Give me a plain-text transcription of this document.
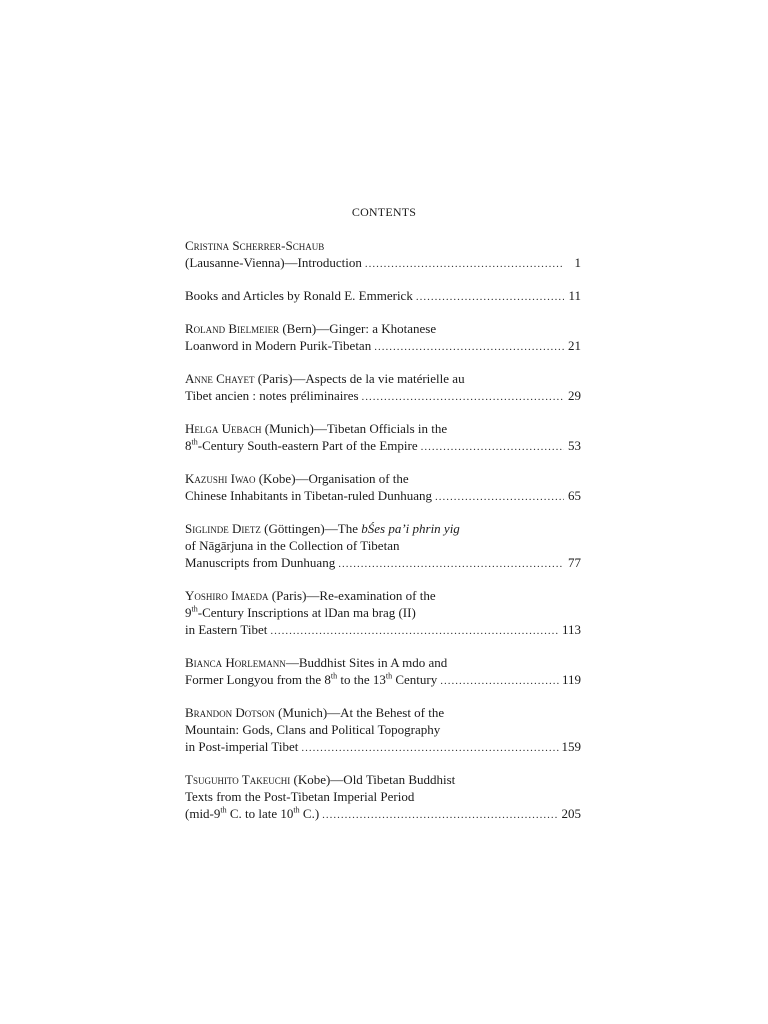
CONTENTS
Cristina Scherrer-Schaub
(Lausanne-Vienna)—Introduction .....	1
Books and Articles by Ronald E. Emmerick .....	11
Roland Bielmeier (Bern)—Ginger: a Khotanese
Loanword in Modern Purik-Tibetan .....	21
Anne Chayet (Paris)—Aspects de la vie matérielle au
Tibet ancien : notes préliminaires .....	29
Helga Uebach (Munich)—Tibetan Officials in the
8th-Century South-eastern Part of the Empire .....	53
Kazushi Iwao (Kobe)—Organisation of the
Chinese Inhabitants in Tibetan-ruled Dunhuang .....	65
Siglinde Dietz (Göttingen)—The bŚes pa’i phrin yig
of Nāgārjuna in the Collection of Tibetan
Manuscripts from Dunhuang .....	77
Yoshiro Imaeda (Paris)—Re-examination of the
9th-Century Inscriptions at lDan ma brag (II)
in Eastern Tibet .....	113
Bianca Horlemann—Buddhist Sites in A mdo and
Former Longyou from the 8th to the 13th Century .....	119
Brandon Dotson (Munich)—At the Behest of the
Mountain: Gods, Clans and Political Topography
in Post-imperial Tibet .....	159
Tsuguhito Takeuchi (Kobe)—Old Tibetan Buddhist
Texts from the Post-Tibetan Imperial Period
(mid-9th C. to late 10th C.) .....	205
